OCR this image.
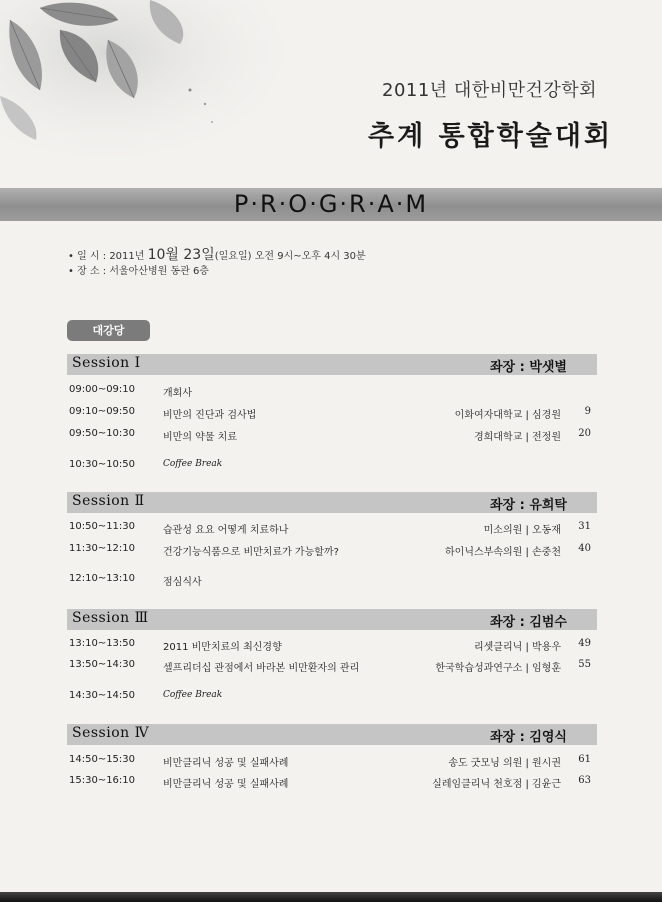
2011년 대한비만건강학회
추계 통합학술대회
P·R·O·G·R·A·M
• 일 시 : 2011년 10월 23일(일요일) 오전 9시~오후 4시 30분
• 장 소 : 서울아산병원 동관 6층
대강당
Session Ⅰ	좌장 : 박샛별
09:00~09:10	개회사
09:10~09:50	비만의 진단과 검사법	이화여자대학교 | 심경원 9
09:50~10:30	비만의 약물 치료	경희대학교 | 전정원 20
10:30~10:50	Coffee Break
Session Ⅱ	좌장 : 유희탁
10:50~11:30	습관성 요요 어떻게 치료하나	미소의원 | 오동재 31
11:30~12:10	건강기능식품으로 비만치료가 가능할까?	하이닉스부속의원 | 손중천 40
12:10~13:10	점심식사
Session Ⅲ	좌장 : 김범수
13:10~13:50	2011 비만치료의 최신경향	리셋클리닉 | 박용우 49
13:50~14:30	셀프리더십 관점에서 바라본 비만환자의 관리	한국학습성과연구소 | 임형훈 55
14:30~14:50	Coffee Break
Session Ⅳ	좌장 : 김영식
14:50~15:30	비만클리닉 성공 및 실패사례	송도 굿모닝 의원 | 원시권 61
15:30~16:10	비만클리닉 성공 및 실패사례	실레임클리닉 천호점 | 김윤근 63
